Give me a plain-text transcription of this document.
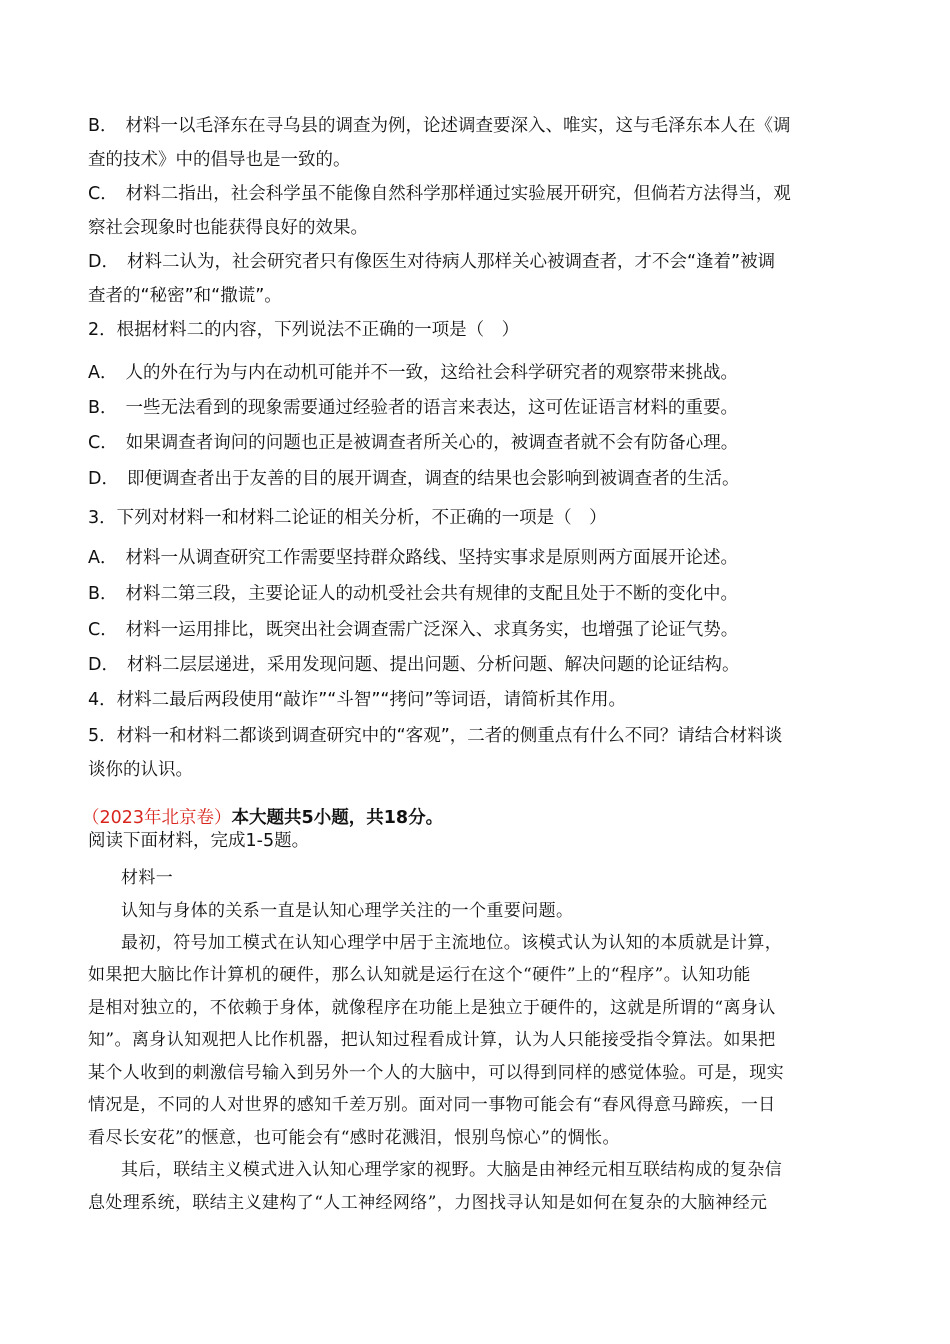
B． 材料一以毛泽东在寻乌县的调查为例，论述调查要深入、唯实，这与毛泽东本人在《调
查的技术》中的倡导也是一致的。
C． 材料二指出，社会科学虽不能像自然科学那样通过实验展开研究，但倘若方法得当，观
察社会现象时也能获得良好的效果。
D． 材料二认为，社会研究者只有像医生对待病人那样关心被调查者，才不会“逢着”被调
查者的“秘密”和“撒谎”。
2．根据材料二的内容，下列说法不正确的一项是（　）
A． 人的外在行为与内在动机可能并不一致，这给社会科学研究者的观察带来挑战。
B． 一些无法看到的现象需要通过经验者的语言来表达，这可佐证语言材料的重要。
C． 如果调查者询问的问题也正是被调查者所关心的，被调查者就不会有防备心理。
D． 即便调查者出于友善的目的展开调查，调查的结果也会影响到被调查者的生活。
3．下列对材料一和材料二论证的相关分析，不正确的一项是（　）
A． 材料一从调查研究工作需要坚持群众路线、坚持实事求是原则两方面展开论述。
B． 材料二第三段，主要论证人的动机受社会共有规律的支配且处于不断的变化中。
C． 材料一运用排比，既突出社会调查需广泛深入、求真务实，也增强了论证气势。
D． 材料二层层递进，采用发现问题、提出问题、分析问题、解决问题的论证结构。
4．材料二最后两段使用“敲诈”“斗智”“拷问”等词语，请简析其作用。
5．材料一和材料二都谈到调查研究中的“客观”，二者的侧重点有什么不同？请结合材料谈
谈你的认识。
（2023年北京卷）本大题共5小题，共18分。
阅读下面材料，完成1-5题。
材料一
认知与身体的关系一直是认知心理学关注的一个重要问题。
最初，符号加工模式在认知心理学中居于主流地位。该模式认为认知的本质就是计算，
如果把大脑比作计算机的硬件，那么认知就是运行在这个“硬件”上的“程序”。认知功能
是相对独立的，不依赖于身体，就像程序在功能上是独立于硬件的，这就是所谓的“离身认
知”。离身认知观把人比作机器，把认知过程看成计算，认为人只能接受指令算法。如果把
某个人收到的刺激信号输入到另外一个人的大脑中，可以得到同样的感觉体验。可是，现实
情况是，不同的人对世界的感知千差万别。面对同一事物可能会有“春风得意马蹄疾，一日
看尽长安花”的惬意，也可能会有“感时花溅泪，恨别鸟惊心”的惆怅。
其后，联结主义模式进入认知心理学家的视野。大脑是由神经元相互联结构成的复杂信
息处理系统，联结主义建构了“人工神经网络”，力图找寻认知是如何在复杂的大脑神经元
